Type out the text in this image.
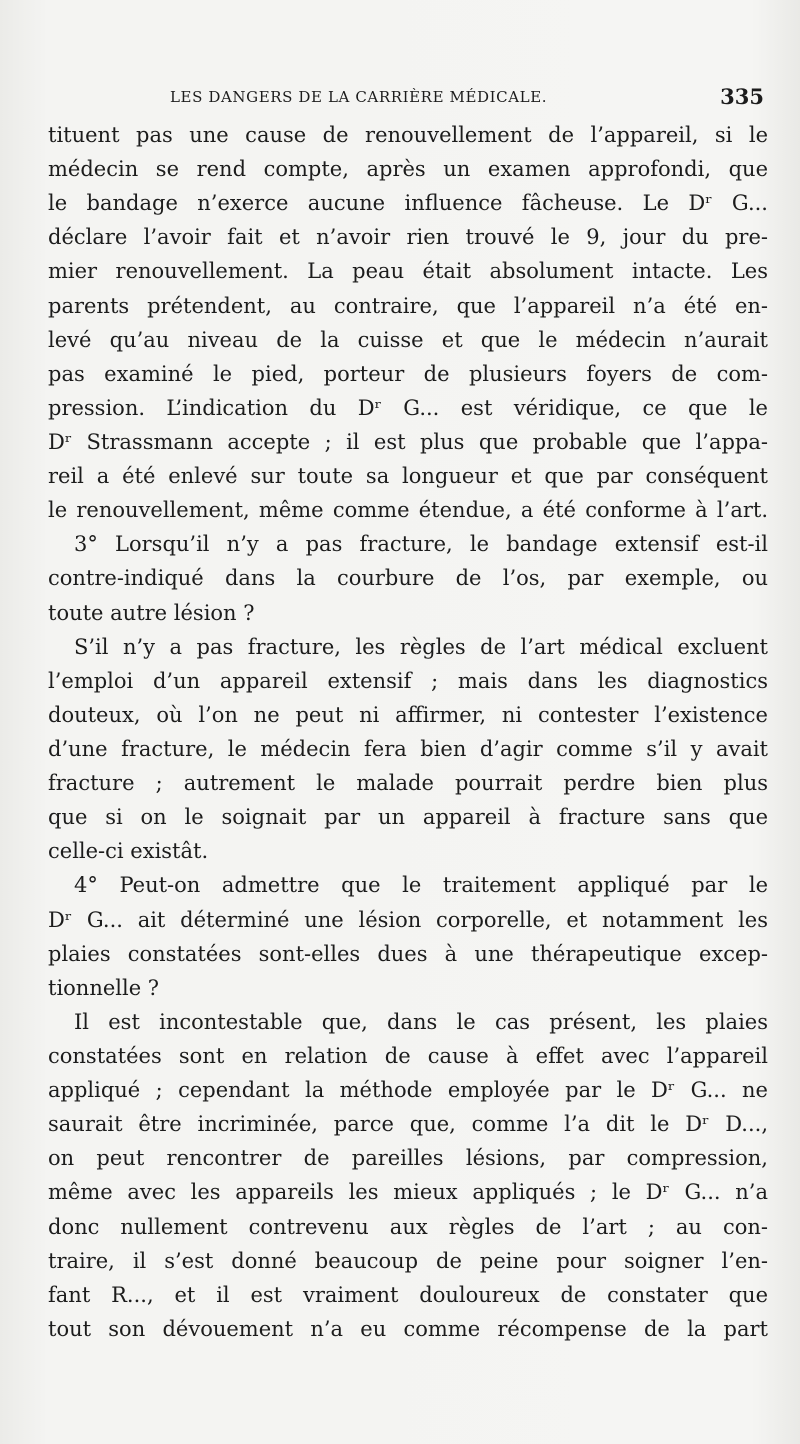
LES DANGERS DE LA CARRIÈRE MÉDICALE.	335
tituent pas une cause de renouvellement de l’appareil, si le
médecin se rend compte, après un examen approfondi, que
le bandage n’exerce aucune influence fâcheuse. Le Dʳ G...
déclare l’avoir fait et n’avoir rien trouvé le 9, jour du pre-
mier renouvellement. La peau était absolument intacte. Les
parents prétendent, au contraire, que l’appareil n’a été en-
levé qu’au niveau de la cuisse et que le médecin n’aurait
pas examiné le pied, porteur de plusieurs foyers de com-
pression. L’indication du Dʳ G... est véridique, ce que le
Dʳ Strassmann accepte ; il est plus que probable que l’appa-
reil a été enlevé sur toute sa longueur et que par conséquent
le renouvellement, même comme étendue, a été conforme à l’art.
3° Lorsqu’il n’y a pas fracture, le bandage extensif est-il
contre-indiqué dans la courbure de l’os, par exemple, ou
toute autre lésion ?
S’il n’y a pas fracture, les règles de l’art médical excluent
l’emploi d’un appareil extensif ; mais dans les diagnostics
douteux, où l’on ne peut ni affirmer, ni contester l’existence
d’une fracture, le médecin fera bien d’agir comme s’il y avait
fracture ; autrement le malade pourrait perdre bien plus
que si on le soignait par un appareil à fracture sans que
celle-ci existât.
4° Peut-on admettre que le traitement appliqué par le
Dʳ G... ait déterminé une lésion corporelle, et notamment les
plaies constatées sont-elles dues à une thérapeutique excep-
tionnelle ?
Il est incontestable que, dans le cas présent, les plaies
constatées sont en relation de cause à effet avec l’appareil
appliqué ; cependant la méthode employée par le Dʳ G... ne
saurait être incriminée, parce que, comme l’a dit le Dʳ D...,
on peut rencontrer de pareilles lésions, par compression,
même avec les appareils les mieux appliqués ; le Dʳ G... n’a
donc nullement contrevenu aux règles de l’art ; au con-
traire, il s’est donné beaucoup de peine pour soigner l’en-
fant R..., et il est vraiment douloureux de constater que
tout son dévouement n’a eu comme récompense de la part
